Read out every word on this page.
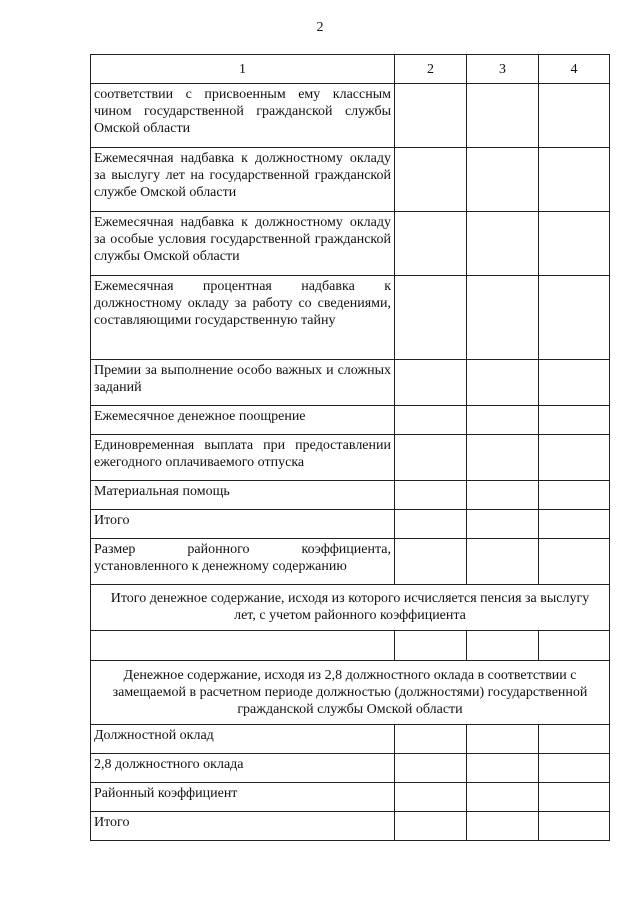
2
1	2	3	4
соответствии с присвоенным ему классным чином государственной гражданской службы Омской области			
Ежемесячная надбавка к должностному окладу за выслугу лет на государственной гражданской службе Омской области			
Ежемесячная надбавка к должностному окладу за особые условия государственной гражданской службы Омской области			
Ежемесячная процентная надбавка к должностному окладу за работу со сведениями, составляющими государственную тайну			
Премии за выполнение особо важных и сложных заданий			
Ежемесячное денежное поощрение			
Единовременная выплата при предоставлении ежегодного оплачиваемого отпуска			
Материальная помощь			
Итого			
Размер районного коэффициента, установленного к денежному содержанию			
Итого денежное содержание, исходя из которого исчисляется пенсия за выслугу лет, с учетом районного коэффициента			

Денежное содержание, исходя из 2,8 должностного оклада в соответствии с замещаемой в расчетном периоде должностью (должностями) государственной гражданской службы Омской области			
Должностной оклад			
2,8 должностного оклада			
Районный коэффициент			
Итого			
